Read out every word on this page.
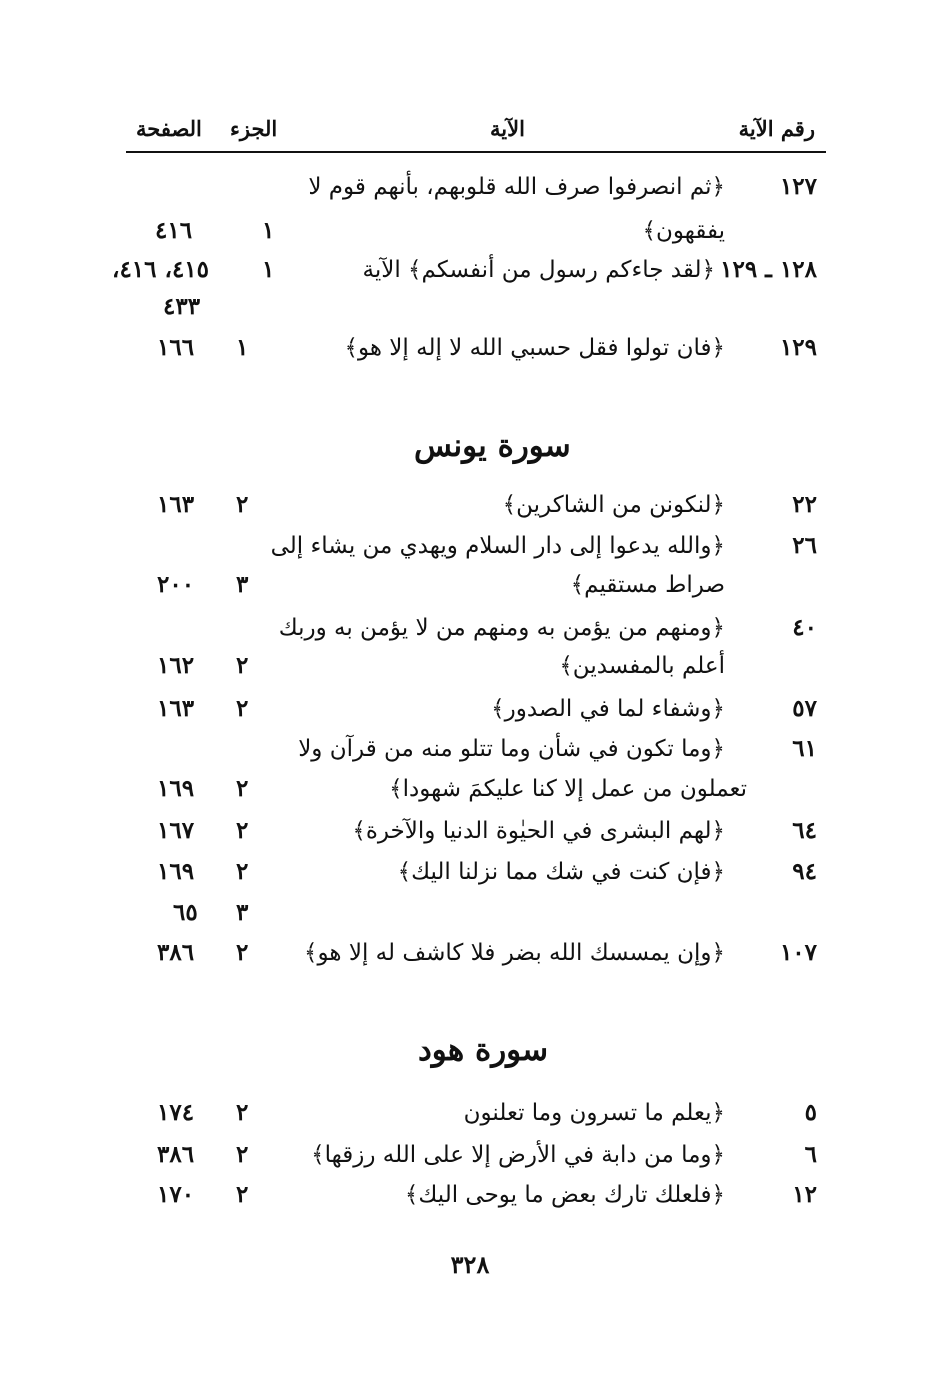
رقم الآية
الآية
الجزء
الصفحة
١٢٧
﴿ثم انصرفوا صرف الله قلوبهم، بأنهم قوم لا
يفقهون﴾
١
٤١٦
١٢٨ ـ ١٢٩
﴿لقد جاءكم رسول من أنفسكم﴾ الآية
١
٤١٥، ٤١٦،
٤٣٣
١٢٩
﴿فان تولوا فقل حسبي الله لا إله إلا هو﴾
١
١٦٦
سورة يونس
٢٢
﴿لنكونن من الشاكرين﴾
٢
١٦٣
٢٦
﴿والله يدعوا إلى دار السلام ويهدي من يشاء إلى
صراط مستقيم﴾
٣
٢٠٠
٤٠
﴿ومنهم من يؤمن به ومنهم من لا يؤمن به وربك
أعلم بالمفسدين﴾
٢
١٦٢
٥٧
﴿وشفاء لما في الصدور﴾
٢
١٦٣
٦١
﴿وما تكون في شأن وما تتلو منه من قرآن ولا
تعملون من عمل إلا كنا عليكمَ شهودا﴾
٢
١٦٩
٦٤
﴿لهم البشرى في الحيٰوة الدنيا والآخرة﴾
٢
١٦٧
٩٤
﴿فإن كنت في شك مما نزلنا اليك﴾
٢
١٦٩
٣
٦٥
١٠٧
﴿وإن يمسسك الله بضر فلا كاشف له إلا هو﴾
٢
٣٨٦
سورة هود
٥
﴿يعلم ما تسرون وما تعلنون
٢
١٧٤
٦
﴿وما من دابة في الأرض إلا على الله رزقها﴾
٢
٣٨٦
١٢
﴿فلعلك تارك بعض ما يوحى اليك﴾
٢
١٧٠
٣٢٨
